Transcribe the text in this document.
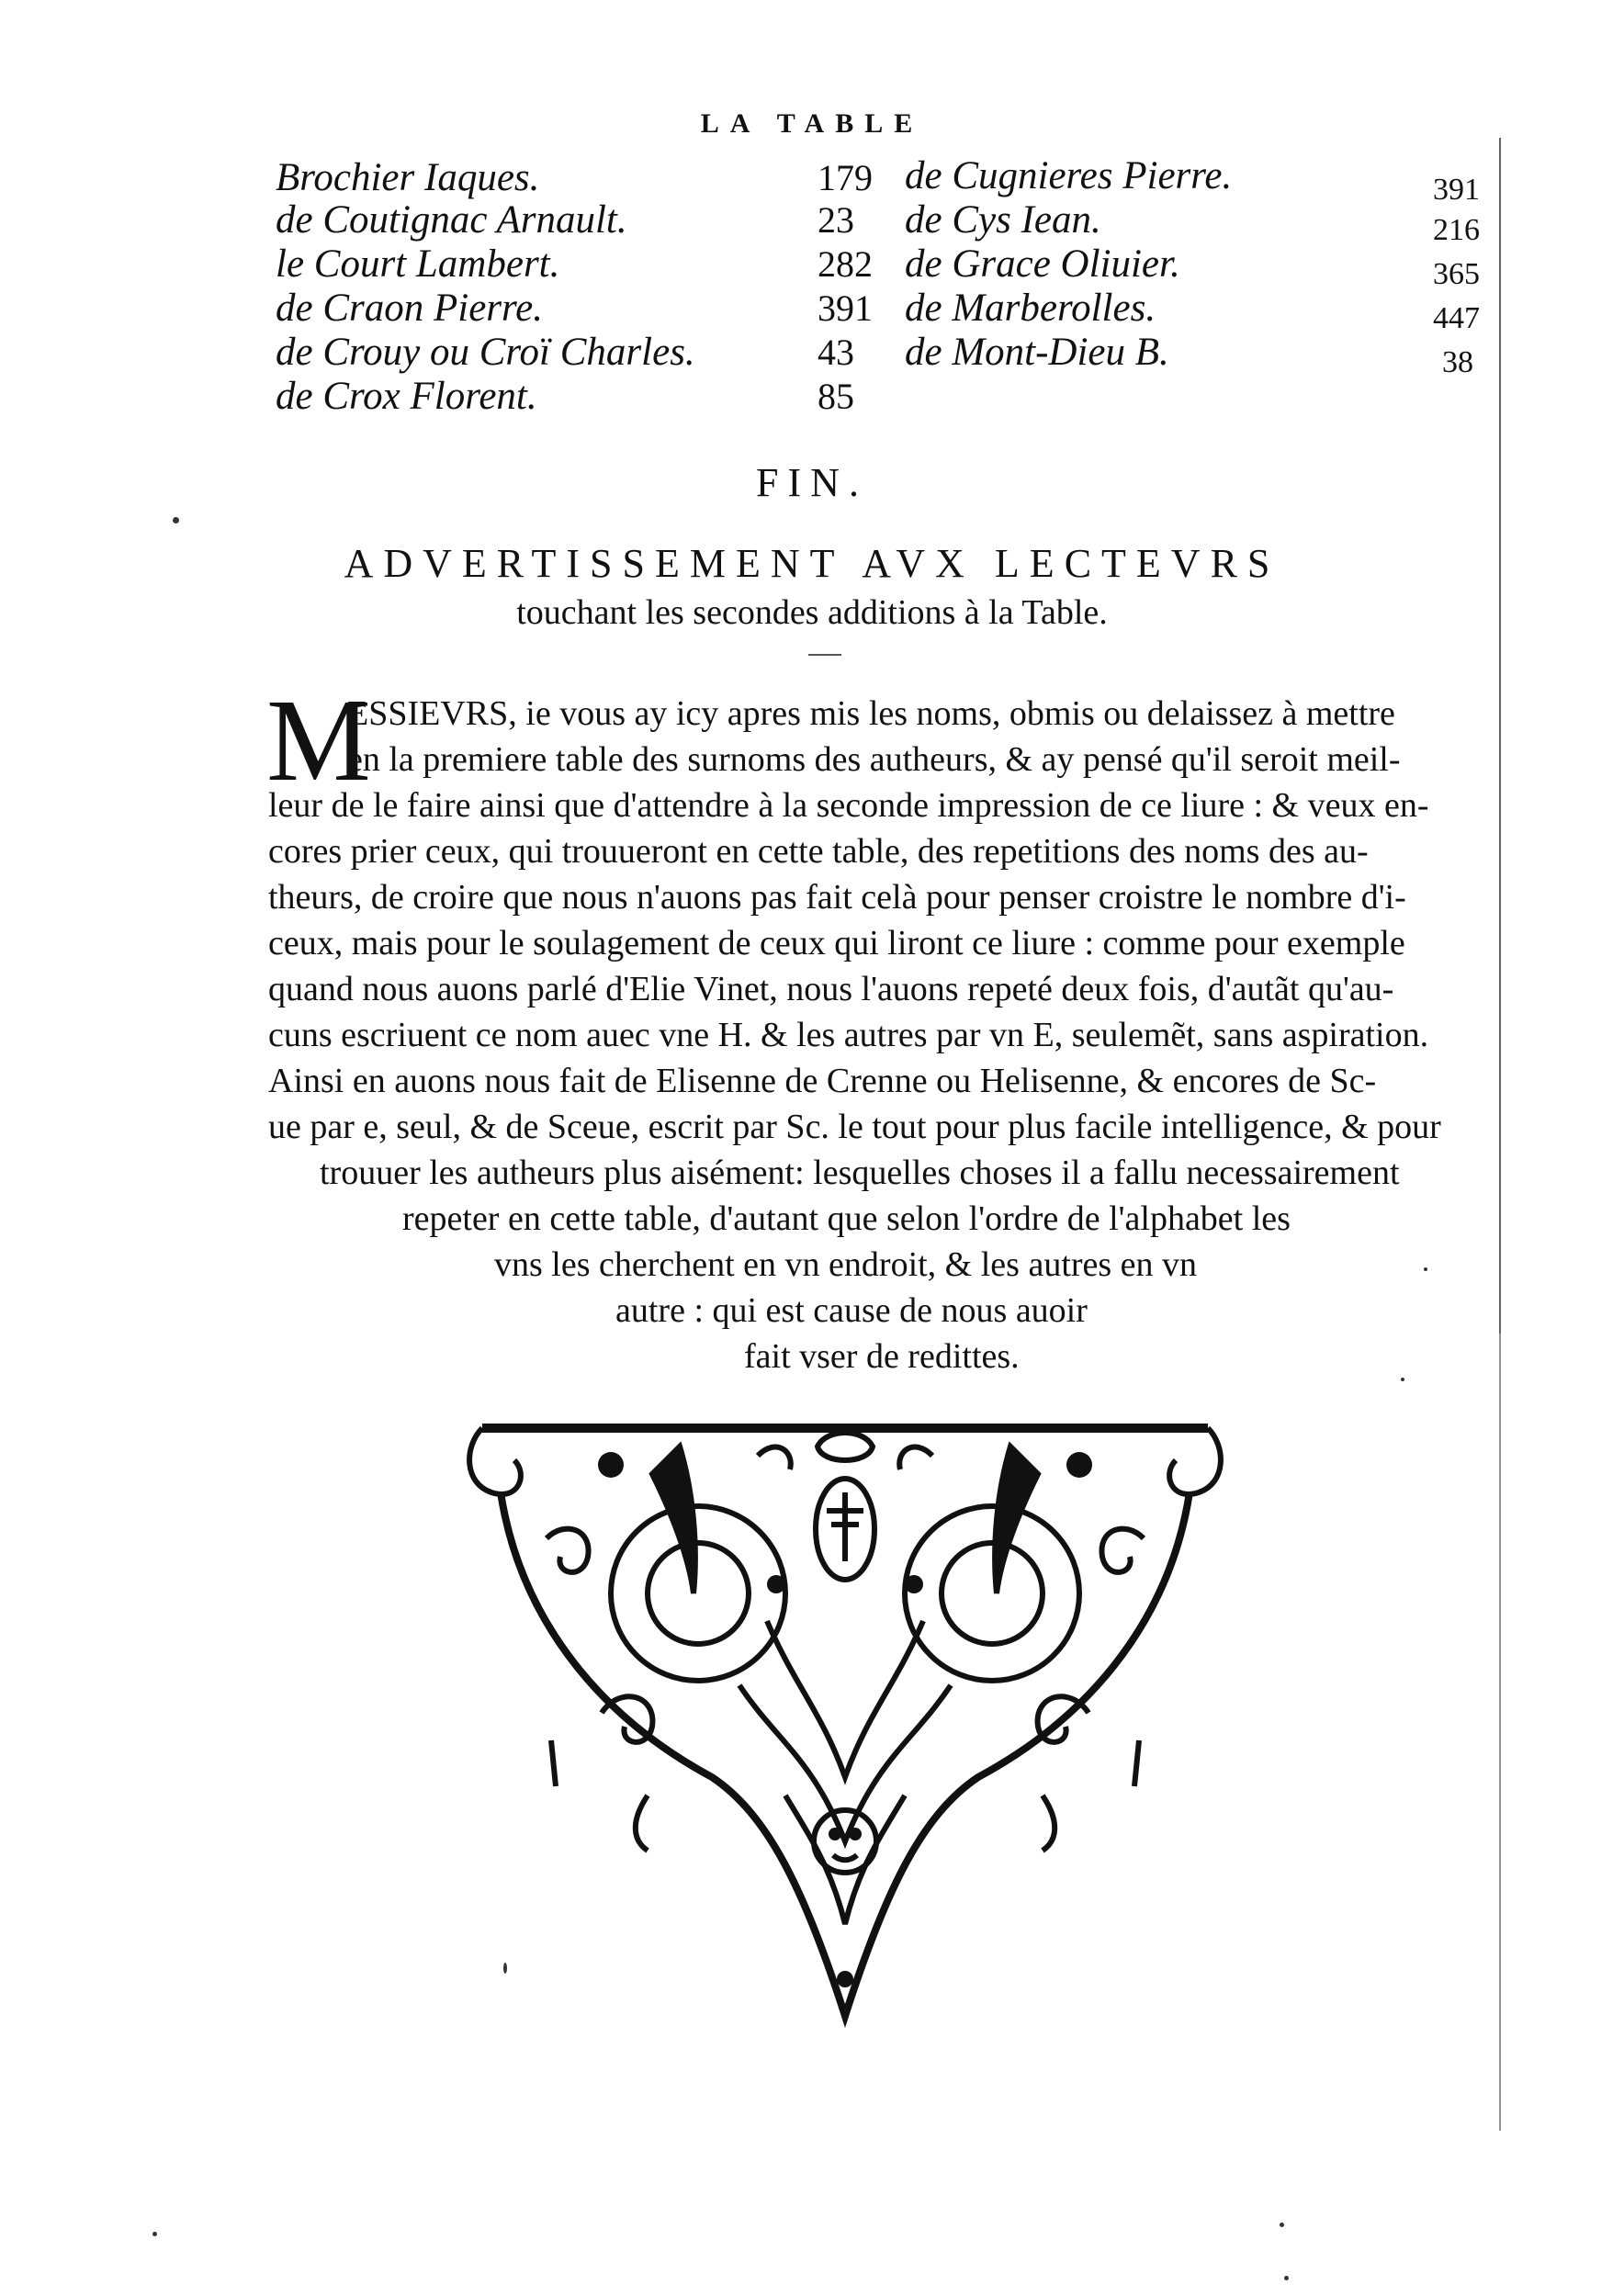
LA TABLE
Brochier Iaques.	179
de Coutignac Arnault.	23
le Court Lambert.	282
de Craon Pierre.	391
de Crouy ou Croï Charles.	43
de Crox Florent.	85
de Cugnieres Pierre.	391
de Cys Iean.	216
de Grace Oliuier.	365
de Marberolles.	447
de Mont-Dieu B.	38
FIN.
ADVERTISSEMENT AVX LECTEVRS
touchant les secondes additions à la Table.
M
ESSIEVRS, ie vous ay icy apres mis les noms, obmis ou delaissez à mettre
en la premiere table des surnoms des autheurs, & ay pensé qu'il seroit meil-
leur de le faire ainsi que d'attendre à la seconde impression de ce liure : & veux en-
cores prier ceux, qui trouueront en cette table, des repetitions des noms des au-
theurs, de croire que nous n'auons pas fait celà pour penser croistre le nombre d'i-
ceux, mais pour le soulagement de ceux qui liront ce liure : comme pour exemple
quand nous auons parlé d'Elie Vinet, nous l'auons repeté deux fois, d'autãt qu'au-
cuns escriuent ce nom auec vne H. & les autres par vn E, seulemẽt, sans aspiration.
Ainsi en auons nous fait de Elisenne de Crenne ou Helisenne, & encores de Sc-
ue par e, seul, & de Sceue, escrit par Sc. le tout pour plus facile intelligence, & pour
trouuer les autheurs plus aisément: lesquelles choses il a fallu necessairement
repeter en cette table, d'autant que selon l'ordre de l'alphabet les
vns les cherchent en vn endroit, & les autres en vn
autre : qui est cause de nous auoir
fait vser de redittes.
